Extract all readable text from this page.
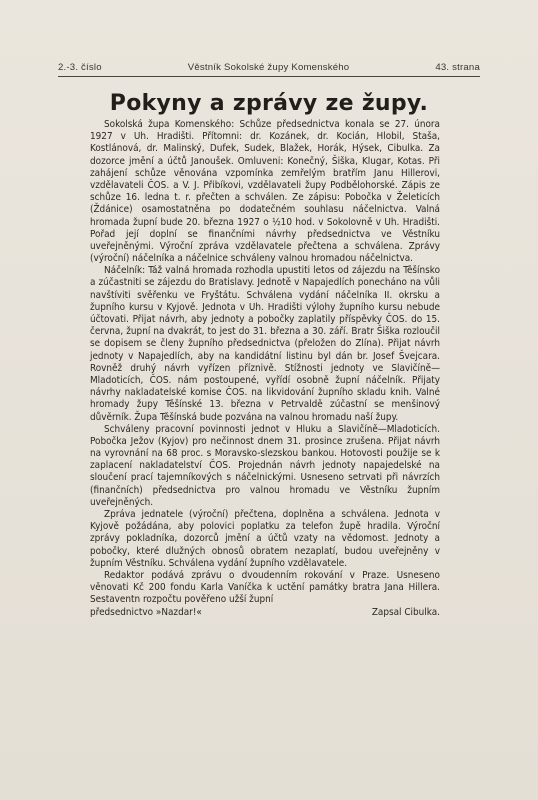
2.-3. číslo	Věstník Sokolské župy Komenského	43. strana
Pokyny a zprávy ze župy.

Sokolská župa Komenského: Schůze předsednictva konala se 27. února 1927 v Uh. Hradišti. Přítomni: dr. Kozánek, dr. Kocián, Hlobil, Staša, Kostlánová, dr. Malinský, Dufek, Sudek, Blažek, Horák, Hýsek, Cibulka. Za dozorce jmění a účtů Janoušek. Omluveni: Konečný, Šiška, Klugar, Kotas. Při zahájení schůze věnována vzpomínka zemřelým bratřím Janu Hillerovi, vzdělavateli ČOS. a V. J. Přibíkovi, vzdělavateli župy Podbělohorské. Zápis ze schůze 16. ledna t. r. přečten a schválen. Ze zápisu: Pobočka v Želeticích (Ždánice) osamostatněna po dodatečném souhlasu náčelnictva. Valná hromada župní bude 20. března 1927 o ½10 hod. v Sokolovně v Uh. Hradišti. Pořad její doplní se finančními návrhy předsednictva ve Věstníku uveřejněnými. Výroční zpráva vzdělavatele přečtena a schválena. Zprávy (výroční) náčelníka a náčelnice schváleny valnou hromadou náčelnictva.

Náčelník: Táž valná hromada rozhodla upustiti letos od zájezdu na Těšínsko a zúčastniti se zájezdu do Bratislavy. Jednotě v Napajedlích ponecháno na vůli navštíviti svěřenku ve Fryštátu. Schválena vydání náčelníka II. okrsku a župního kursu v Kyjově. Jednota v Uh. Hradišti výlohy župního kursu nebude účtovati. Přijat návrh, aby jednoty a pobočky zaplatily příspěvky ČOS. do 15. června, župní na dvakrát, to jest do 31. března a 30. září. Bratr Šiška rozloučil se dopisem se členy župního předsednictva (přeložen do Zlína). Přijat návrh jednoty v Napajedlích, aby na kandidátní listinu byl dán br. Josef Švejcara. Rovněž druhý návrh vyřízen příznivě. Stížnosti jednoty ve Slavičíně—Mladoticích, ČOS. nám postoupené, vyřídí osobně župní náčelník. Přijaty návrhy nakladatelské komise ČOS. na likvidování župního skladu knih. Valné hromady župy Těšínské 13. března v Petrvaldě zúčastní se menšinový důvěrník. Župa Těšínská bude pozvána na valnou hromadu naší župy.

Schváleny pracovní povinnosti jednot v Hluku a Slavičíně—Mladoticích. Pobočka Ježov (Kyjov) pro nečinnost dnem 31. prosince zrušena. Přijat návrh na vyrovnání na 68 proc. s Moravsko-slezskou bankou. Hotovosti použije se k zaplacení nakladatelství ČOS. Projednán návrh jednoty napajedelské na sloučení prací tajemníkových s náčelnickými. Usneseno setrvati při návrzích (finančních) předsednictva pro valnou hromadu ve Věstníku župním uveřejněných.

Zpráva jednatele (výroční) přečtena, doplněna a schválena. Jednota v Kyjově požádána, aby polovici poplatku za telefon župě hradila. Výroční zprávy pokladníka, dozorců jmění a účtů vzaty na vědomost. Jednoty a pobočky, které dlužných obnosů obratem nezaplatí, budou uveřejněny v župním Věstníku. Schválena vydání župního vzdělavatele.

Redaktor podává zprávu o dvoudenním rokování v Praze. Usneseno věnovati Kč 200 fondu Karla Vaníčka k uctění památky bratra Jana Hillera. Sestaventn rozpočtu pověřeno užší župní

předsednictvo »Nazdar!«	Zapsal Cibulka.
